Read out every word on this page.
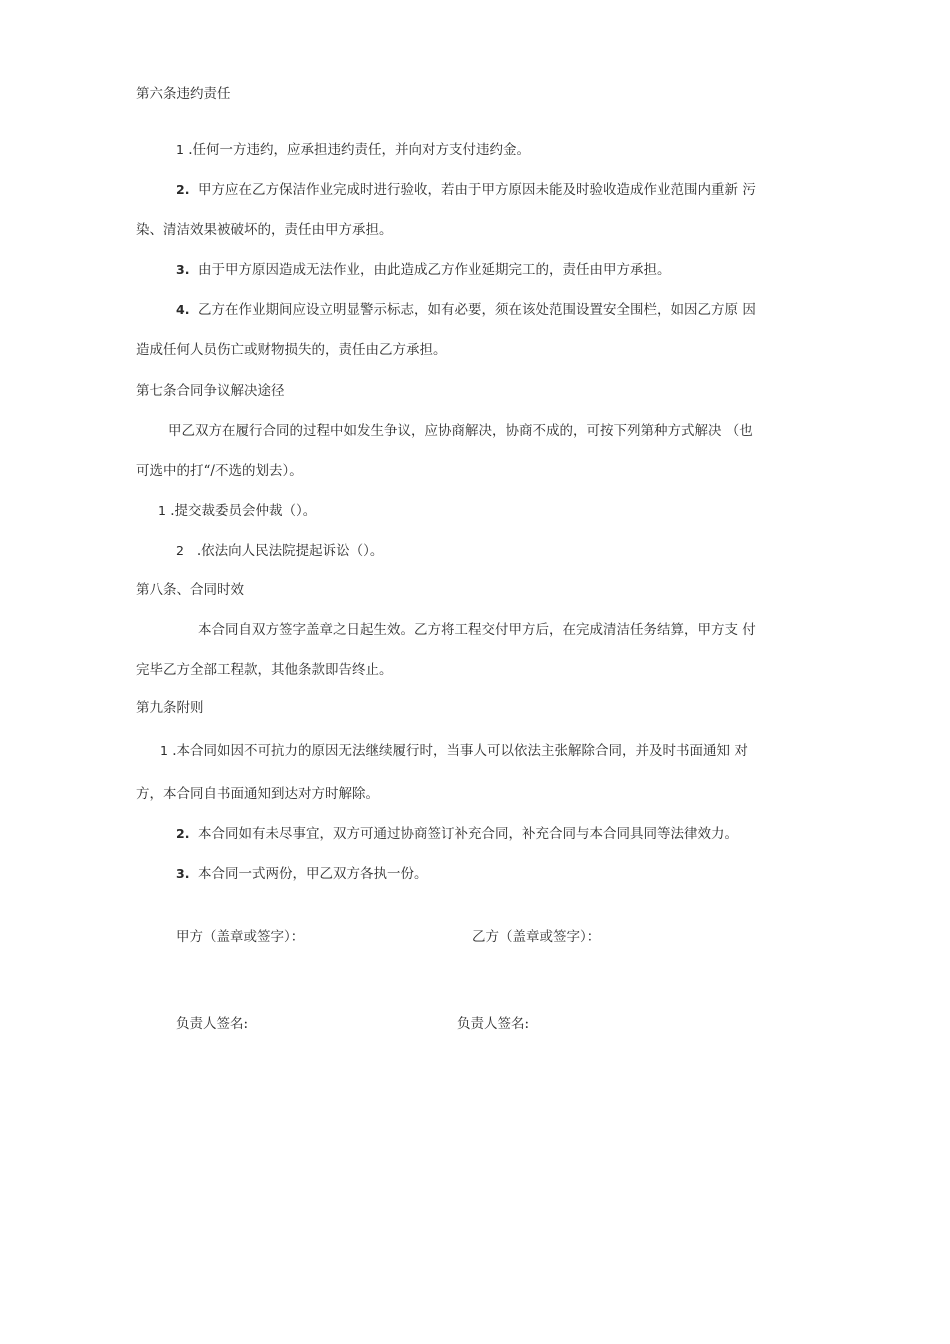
第六条违约责任
1 .任何一方违约，应承担违约责任，并向对方支付违约金。
2. 甲方应在乙方保洁作业完成时进行验收，若由于甲方原因未能及时验收造成作业范围内重新 污
染、清洁效果被破坏的，责任由甲方承担。
3. 由于甲方原因造成无法作业，由此造成乙方作业延期完工的，责任由甲方承担。
4. 乙方在作业期间应设立明显警示标志，如有必要，须在该处范围设置安全围栏，如因乙方原 因
造成任何人员伤亡或财物损失的，责任由乙方承担。
第七条合同争议解决途径
甲乙双方在履行合同的过程中如发生争议，应协商解决，协商不成的，可按下列第种方式解决 （也
可选中的打“/不选的划去）。
1 .提交裁委员会仲裁（）。
2 .依法向人民法院提起诉讼（）。
第八条、合同时效
本合同自双方签字盖章之日起生效。乙方将工程交付甲方后，在完成清洁任务结算，甲方支 付
完毕乙方全部工程款，其他条款即告终止。
第九条附则
1 .本合同如因不可抗力的原因无法继续履行时，当事人可以依法主张解除合同，并及时书面通知 对
方，本合同自书面通知到达对方时解除。
2. 本合同如有未尽事宜，双方可通过协商签订补充合同，补充合同与本合同具同等法律效力。
3. 本合同一式两份，甲乙双方各执一份。
甲方（盖章或签字）：	乙方（盖章或签字）：
负责人签名:	负责人签名:
